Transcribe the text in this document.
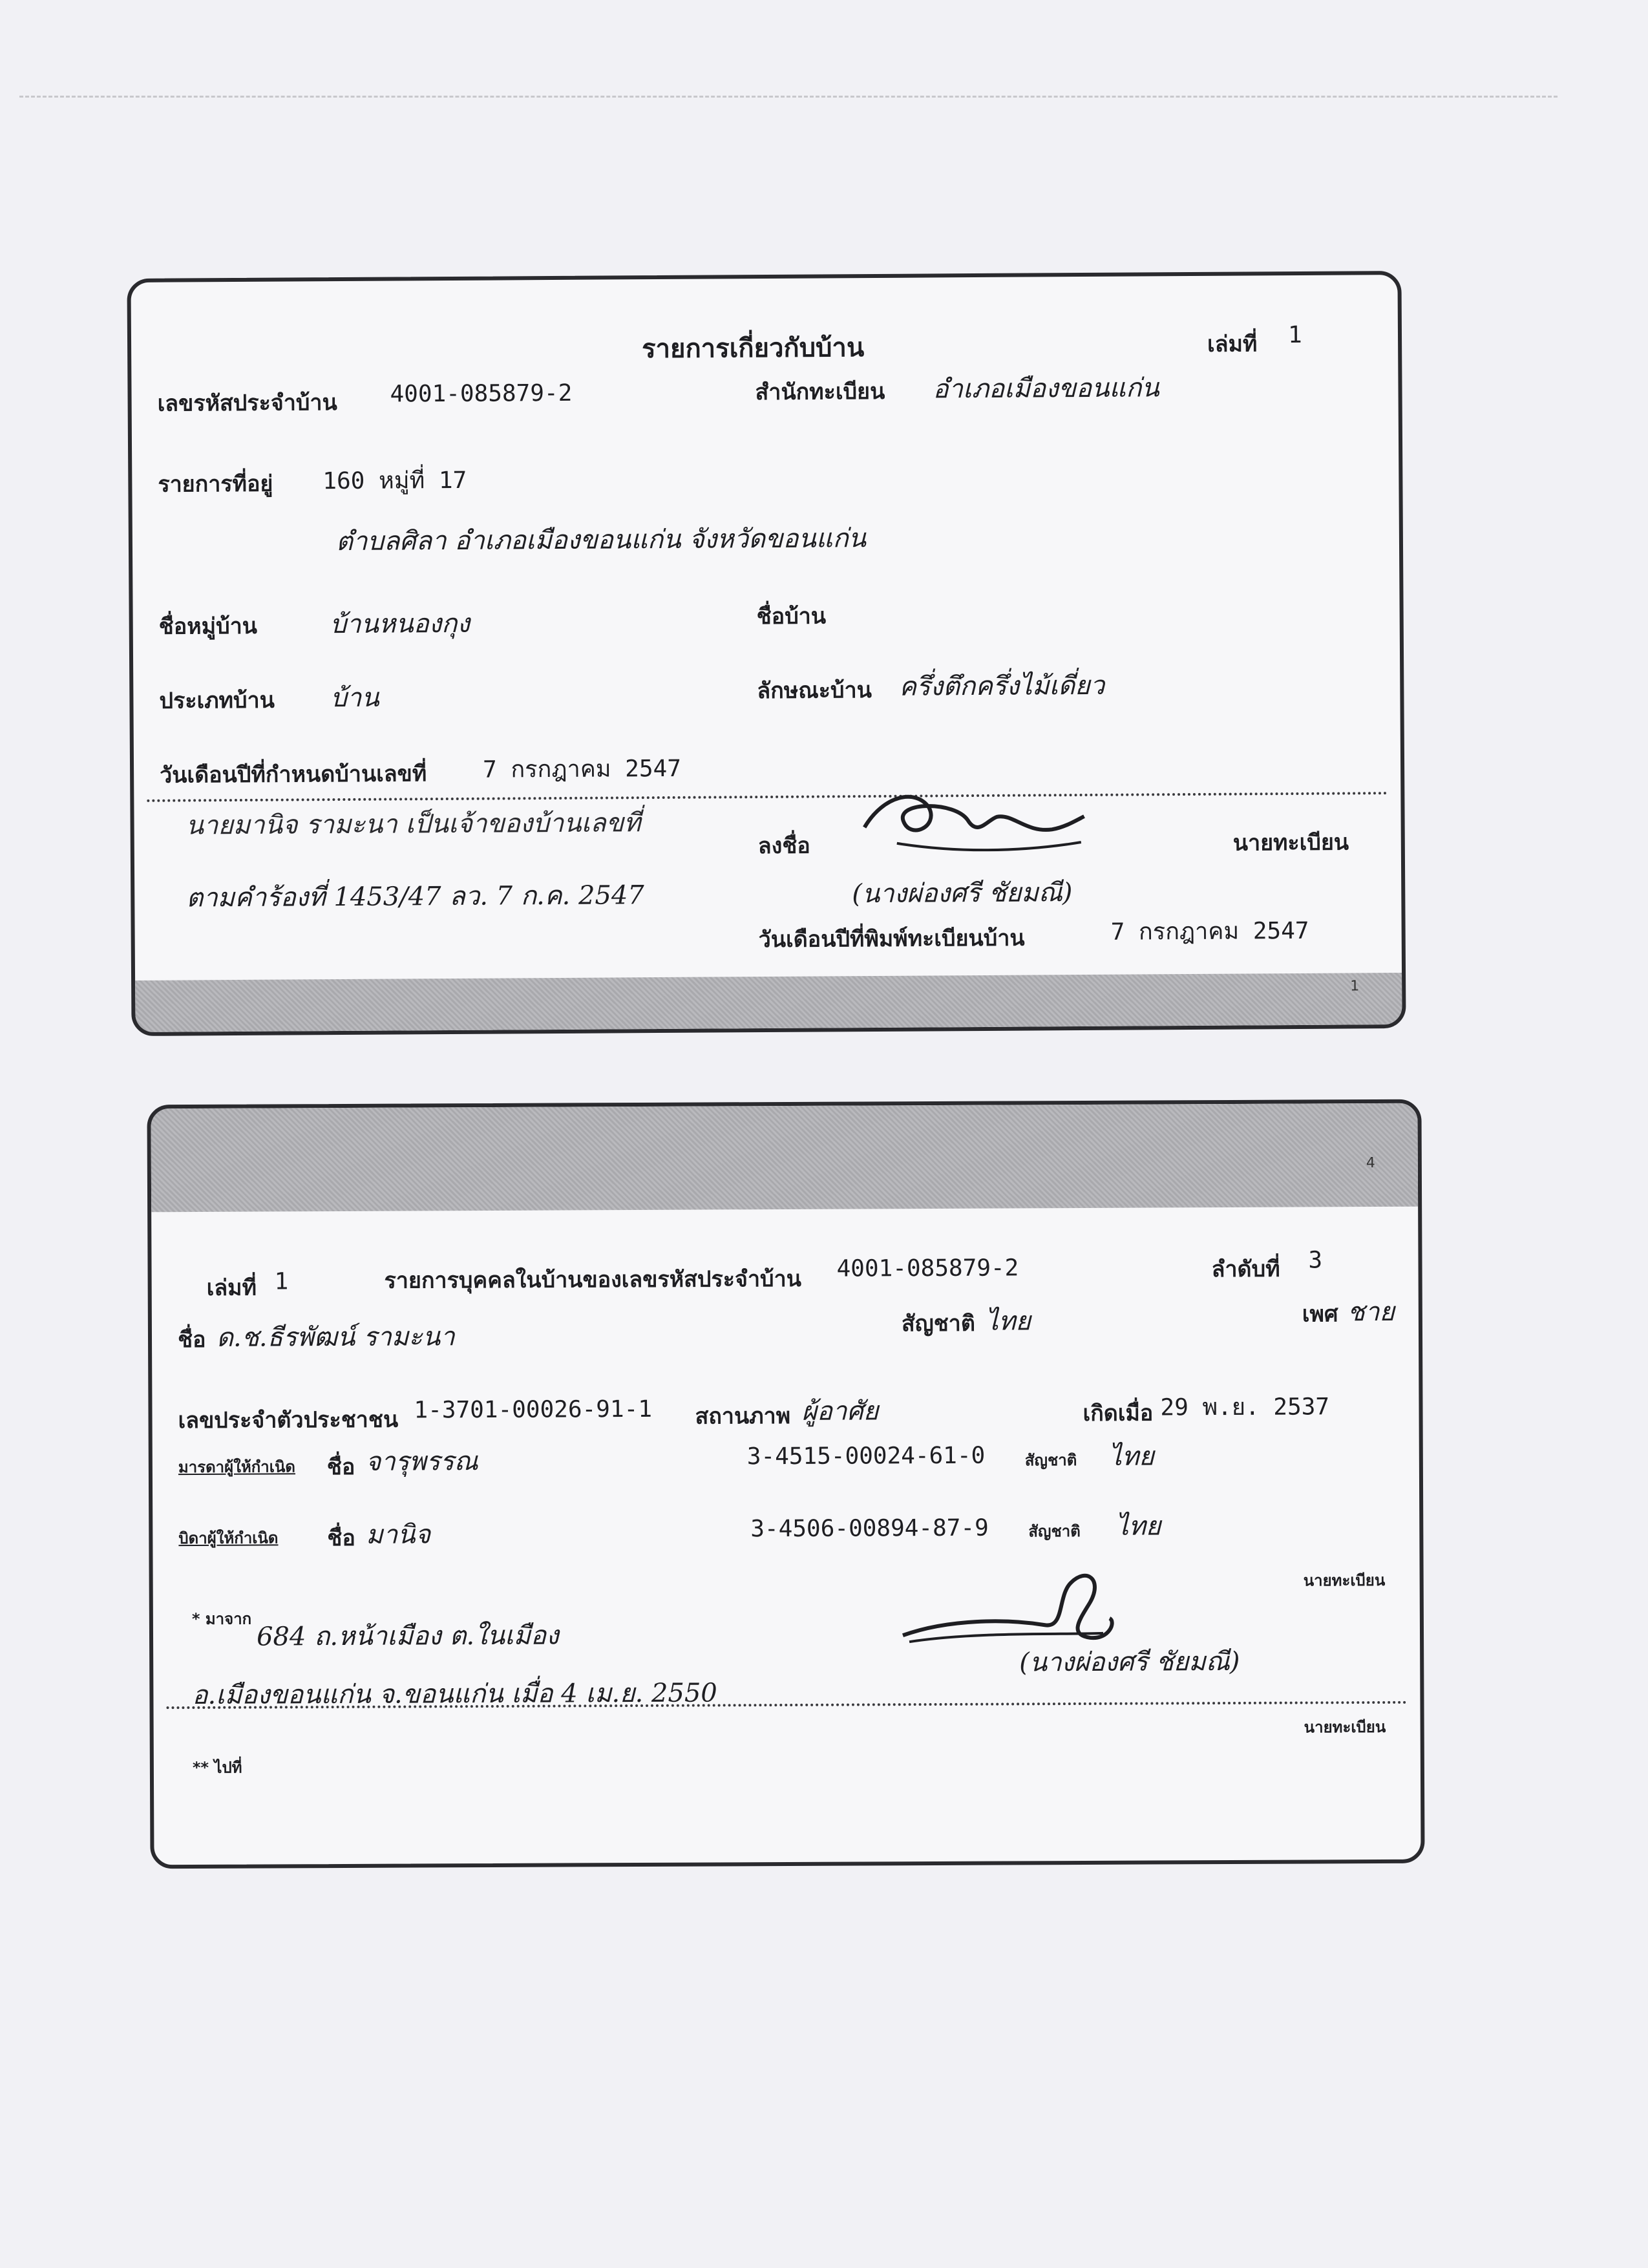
รายการเกี่ยวกับบ้าน	เล่มที่ 1
เลขรหัสประจำบ้าน 4001-085879-2	สำนักทะเบียน อำเภอเมืองขอนแก่น
รายการที่อยู่ 160 หมู่ที่ 17
ตำบลศิลา อำเภอเมืองขอนแก่น จังหวัดขอนแก่น
ชื่อหมู่บ้าน	บ้านหนองกุง	ชื่อบ้าน
ประเภทบ้าน บ้าน	ลักษณะบ้าน ครึ่งตึกครึ่งไม้เดี่ยว
วันเดือนปีที่กำหนดบ้านเลขที่ 7 กรกฎาคม 2547
นายมานิจ รามะนา เป็นเจ้าของบ้านเลขที่
ตามคำร้องที่ 1453/47 ลว. 7 ก.ค. 2547
ลงชื่อ	นายทะเบียน
(นางผ่องศรี ชัยมณี)
วันเดือนปีที่พิมพ์ทะเบียนบ้าน	7 กรกฎาคม 2547
1
4
เล่มที่ 1	รายการบุคคลในบ้านของเลขรหัสประจำบ้าน 4001-085879-2	ลำดับที่ 3
ชื่อ ด.ช.ธีรพัฒน์ รามะนา	สัญชาติ ไทย	เพศ ชาย
เลขประจำตัวประชาชน 1-3701-00026-91-1 สถานภาพ ผู้อาศัย	เกิดเมื่อ 29 พ.ย. 2537
มารดาผู้ให้กำเนิด ชื่อ จารุพรรณ	3-4515-00024-61-0	สัญชาติ ไทย
บิดาผู้ให้กำเนิด ชื่อ มานิจ	3-4506-00894-87-9	สัญชาติ ไทย
นายทะเบียน
* มาจาก
684 ถ.หน้าเมือง ต.ในเมือง
อ.เมืองขอนแก่น จ.ขอนแก่น เมื่อ 4 เม.ย. 2550
(นางผ่องศรี ชัยมณี)
** ไปที่
นายทะเบียน
